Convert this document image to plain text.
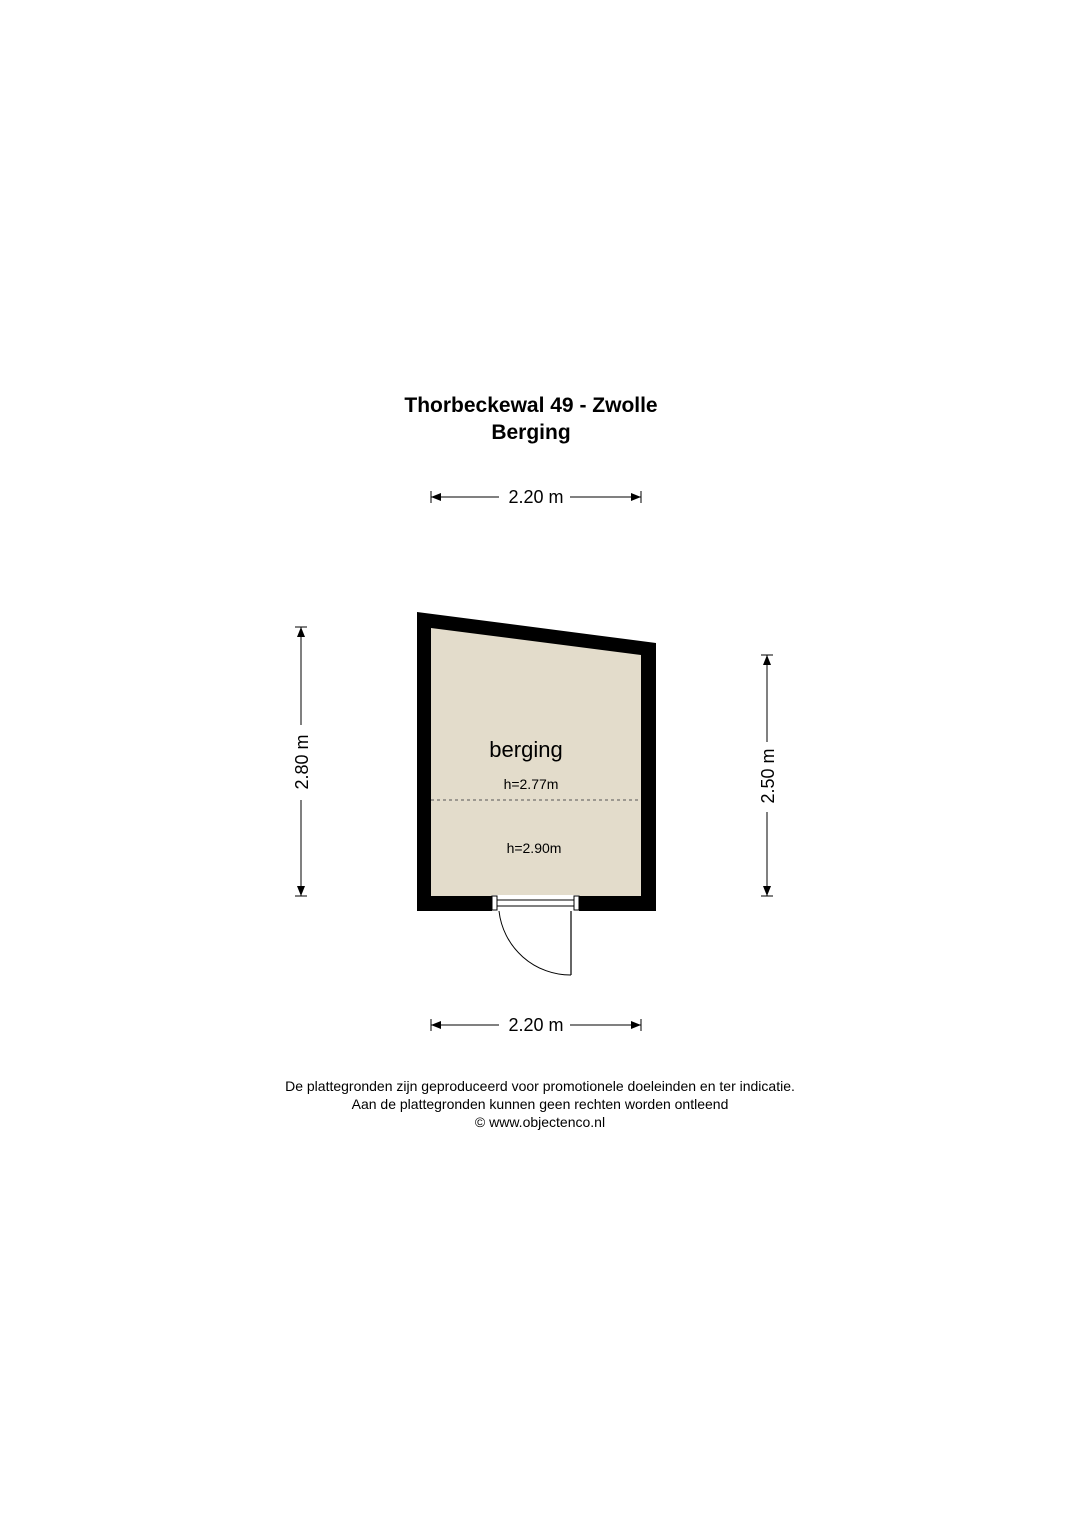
2.20 m
2.20 m
2.80 m	2.50 m
berging
h=2.77m
h=2.90m
Thorbeckewal 49 - Zwolle
Berging
De plattegronden zijn geproduceerd voor promotionele doeleinden en ter indicatie.
Aan de plattegronden kunnen geen rechten worden ontleend
© www.objectenco.nl
